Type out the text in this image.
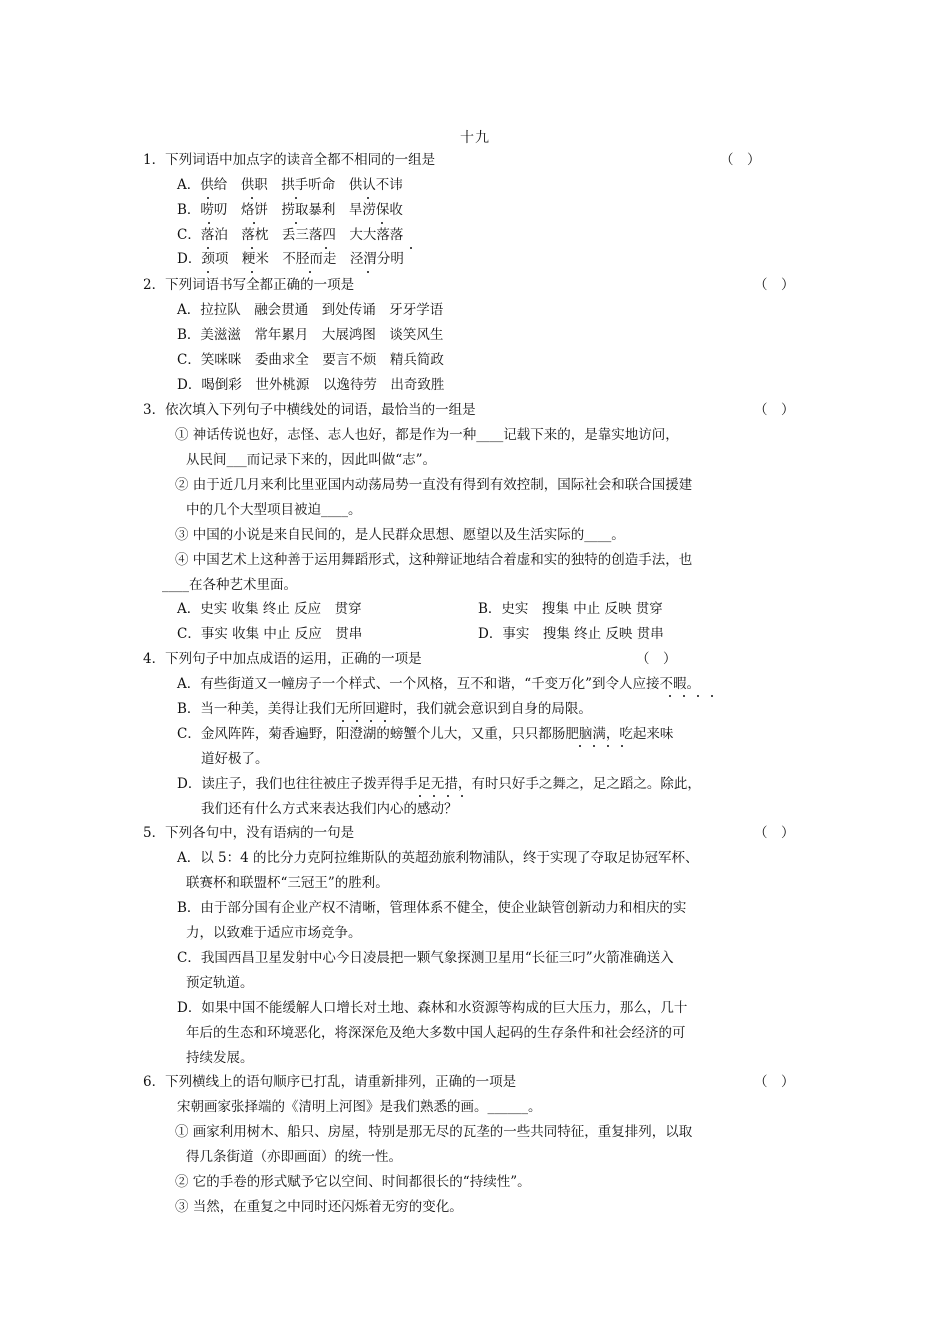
十九
1．下列词语中加点字的读音全都不相同的一组是	（　）
A．供给　供职　拱手听命　供认不讳
B．唠叨　烙饼　捞取暴利　旱涝保收
C．落泊　落枕　丢三落四　大大落落
D．颈项　粳米　不胫而走　泾渭分明
2．下列词语书写全都正确的一项是	（　）
A．拉拉队　融会贯通　到处传诵　牙牙学语
B．美滋滋　常年累月　大展鸿图　谈笑风生
C．笑咪咪　委曲求全　要言不烦　精兵简政
D．喝倒彩　世外桃源　以逸待劳　出奇致胜
3．依次填入下列句子中横线处的词语，最恰当的一组是	（　）
① 神话传说也好，志怪、志人也好，都是作为一种____记载下来的，是靠实地访问，
从民间___而记录下来的，因此叫做“志”。
② 由于近几月来利比里亚国内动荡局势一直没有得到有效控制，国际社会和联合国援建
中的几个大型项目被迫____。
③ 中国的小说是来自民间的，是人民群众思想、愿望以及生活实际的____。
④ 中国艺术上这种善于运用舞蹈形式，这种辩证地结合着虚和实的独特的创造手法，也
____在各种艺术里面。
A．史实 收集 终止 反应　贯穿	B．史实　搜集 中止 反映 贯穿
C．事实 收集 中止 反应　贯串	D．事实　搜集 终止 反映 贯串
4．下列句子中加点成语的运用，正确的一项是	（　）
A．有些街道又一幢房子一个样式、一个风格，互不和谐，“千变万化”到令人应接不暇。
B．当一种美，美得让我们无所回避时，我们就会意识到自身的局限。
C．金风阵阵，菊香遍野，阳澄湖的螃蟹个儿大，又重，只只都肠肥脑满，吃起来味
道好极了。
D．读庄子，我们也往往被庄子拨弄得手足无措，有时只好手之舞之，足之蹈之。除此，
我们还有什么方式来表达我们内心的感动？
5．下列各句中，没有语病的一句是	（　）
A．以 5：4 的比分力克阿拉维斯队的英超劲旅利物浦队，终于实现了夺取足协冠军杯、
联赛杯和联盟杯“三冠王”的胜利。
B．由于部分国有企业产权不清晰，管理体系不健全，使企业缺管创新动力和相庆的实
力，以致难于适应市场竞争。
C．我国西昌卫星发射中心今日凌晨把一颗气象探测卫星用“长征三叼”火箭准确送入
预定轨道。
D．如果中国不能缓解人口增长对土地、森林和水资源等构成的巨大压力，那么，几十
年后的生态和环境恶化，将深深危及绝大多数中国人起码的生存条件和社会经济的可
持续发展。
6．下列横线上的语句顺序已打乱，请重新排列，正确的一项是	（　）
宋朝画家张择端的《清明上河图》是我们熟悉的画。______。
① 画家利用树木、船只、房屋，特别是那无尽的瓦垄的一些共同特征，重复排列，以取
得几条街道（亦即画面）的统一性。
② 它的手卷的形式赋予它以空间、时间都很长的“持续性”。
③ 当然，在重复之中同时还闪烁着无穷的变化。
